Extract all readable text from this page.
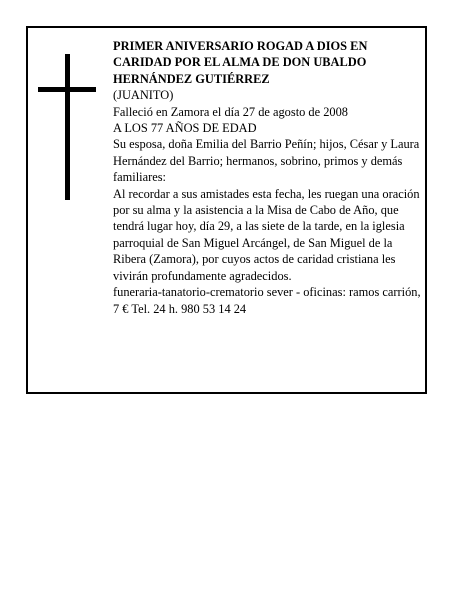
PRIMER ANIVERSARIO ROGAD A DIOS EN CARIDAD POR EL ALMA DE DON UBALDO HERNÁNDEZ GUTIÉRREZ

(JUANITO)

Falleció en Zamora el día 27 de agosto de 2008

A LOS 77 AÑOS DE EDAD

Su esposa, doña Emilia del Barrio Peñín; hijos, César y Laura Hernández del Barrio; hermanos, sobrino, primos y demás familiares:

Al recordar a sus amistades esta fecha, les ruegan una oración por su alma y la asistencia a la Misa de Cabo de Año, que tendrá lugar hoy, día 29, a las siete de la tarde, en la iglesia parroquial de San Miguel Arcángel, de San Miguel de la Ribera (Zamora), por cuyos actos de caridad cristiana les vivirán profundamente agradecidos.

funeraria-tanatorio-crematorio sever - oficinas: ramos carrión, 7 € Tel. 24 h. 980 53 14 24
